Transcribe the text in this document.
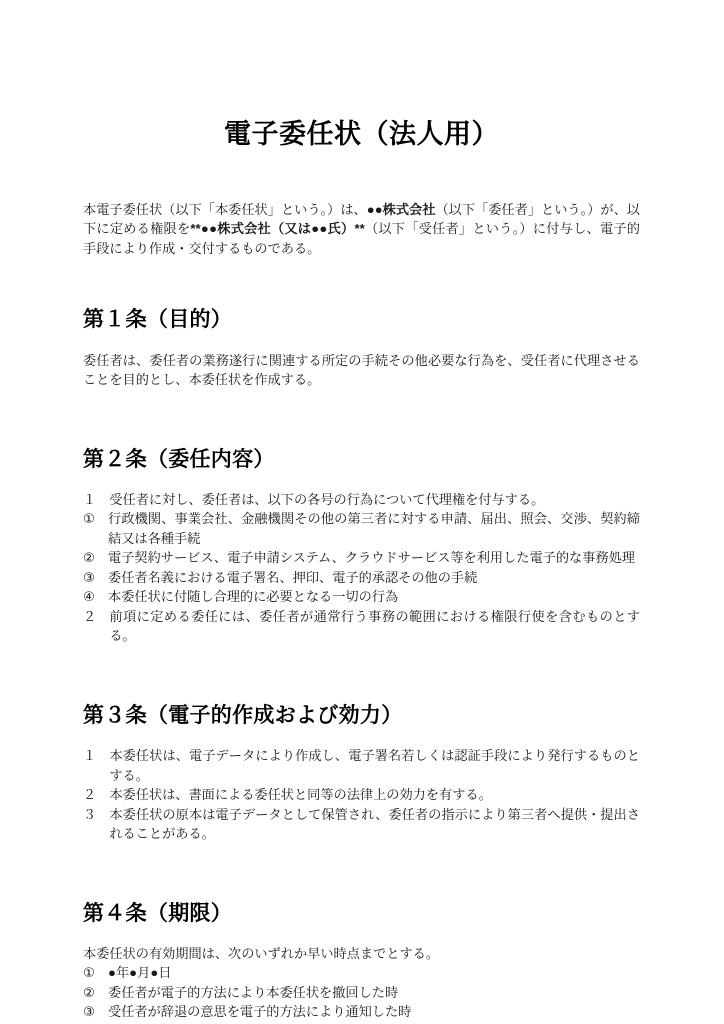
電子委任状（法人用）

本電子委任状（以下「本委任状」という。）は、●●株式会社（以下「委任者」という。）が、以下に定める権限を**●●株式会社（又は●●氏）**（以下「受任者」という。）に付与し、電子的手段により作成・交付するものである。

第１条（目的）

委任者は、委任者の業務遂行に関連する所定の手続その他必要な行為を、受任者に代理させることを目的とし、本委任状を作成する。

第２条（委任内容）
１　 受任者に対し、委任者は、以下の各号の行為について代理権を付与する。
①　 行政機関、事業会社、金融機関その他の第三者に対する申請、届出、照会、交渉、契約締結又は各種手続
②　 電子契約サービス、電子申請システム、クラウドサービス等を利用した電子的な事務処理
③　 委任者名義における電子署名、押印、電子的承認その他の手続
④　 本委任状に付随し合理的に必要となる一切の行為
２　 前項に定める委任には、委任者が通常行う事務の範囲における権限行使を含むものとする。
第３条（電子的作成および効力）
１　 本委任状は、電子データにより作成し、電子署名若しくは認証手段により発行するものとする。
２　 本委任状は、書面による委任状と同等の法律上の効力を有する。
３　 本委任状の原本は電子データとして保管され、委任者の指示により第三者へ提供・提出されることがある。
第４条（期限）

本委任状の有効期間は、次のいずれか早い時点までとする。

①　 ●年●月●日
②　 委任者が電子的方法により本委任状を撤回した時
③　 受任者が辞退の意思を電子的方法により通知した時
